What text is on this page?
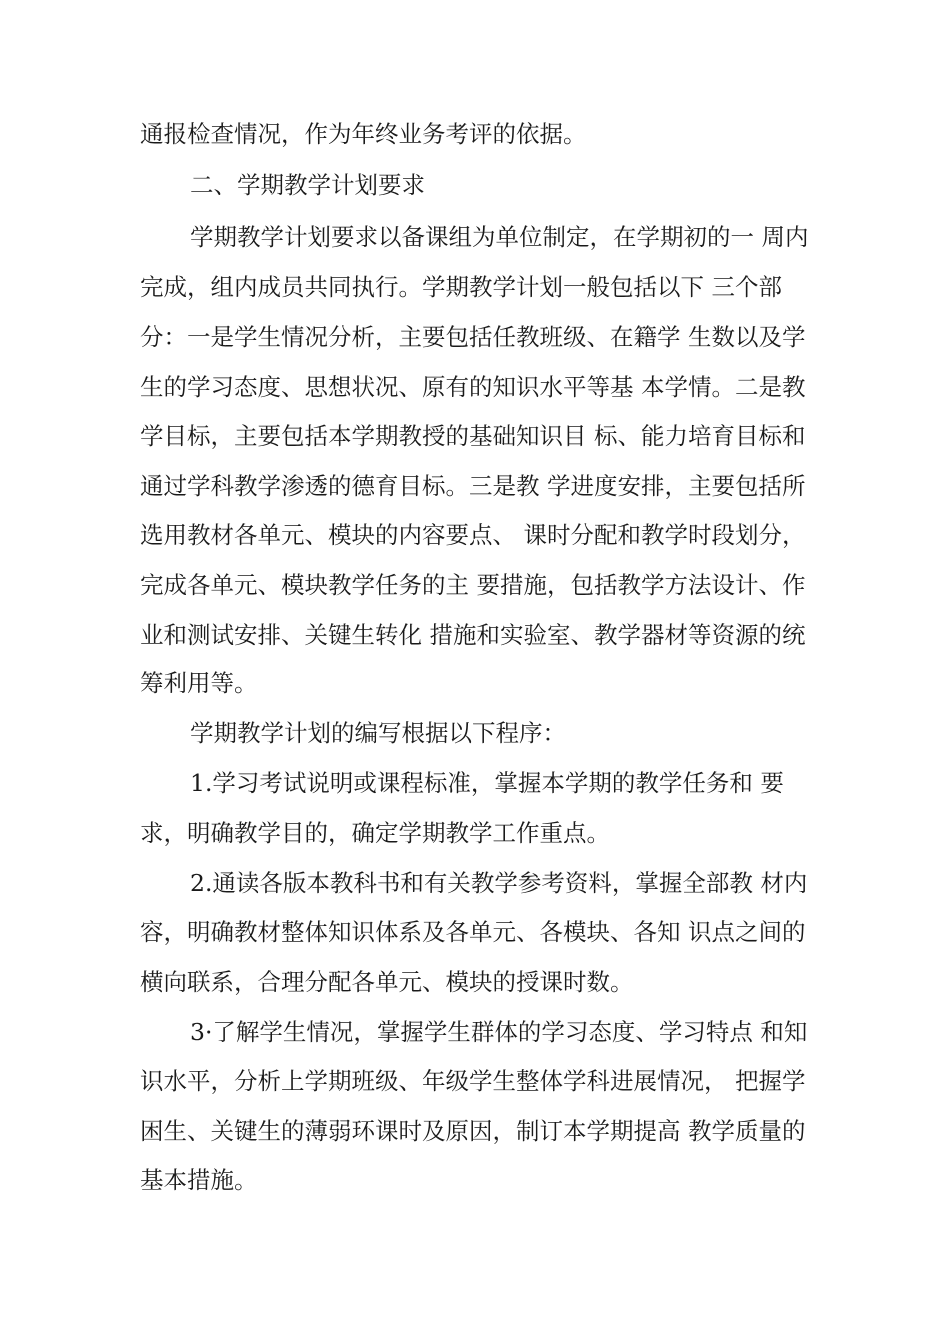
通报检查情况，作为年终业务考评的依据。

二、学期教学计划要求

学期教学计划要求以备课组为单位制定，在学期初的一 周内

完成，组内成员共同执行。学期教学计划一般包括以下 三个部

分：一是学生情况分析，主要包括任教班级、在籍学 生数以及学

生的学习态度、思想状况、原有的知识水平等基 本学情。二是教

学目标，主要包括本学期教授的基础知识目 标、能力培育目标和

通过学科教学渗透的德育目标。三是教 学进度安排，主要包括所

选用教材各单元、模块的内容要点、 课时分配和教学时段划分，

完成各单元、模块教学任务的主 要措施，包括教学方法设计、作

业和测试安排、关键生转化 措施和实验室、教学器材等资源的统

筹利用等。

学期教学计划的编写根据以下程序：

1.学习考试说明或课程标准，掌握本学期的教学任务和 要

求，明确教学目的，确定学期教学工作重点。

2.通读各版本教科书和有关教学参考资料，掌握全部教 材内

容，明确教材整体知识体系及各单元、各模块、各知 识点之间的

横向联系，合理分配各单元、模块的授课时数。

3·了解学生情况，掌握学生群体的学习态度、学习特点 和知

识水平，分析上学期班级、年级学生整体学科进展情况， 把握学

困生、关键生的薄弱环课时及原因，制订本学期提高 教学质量的

基本措施。
